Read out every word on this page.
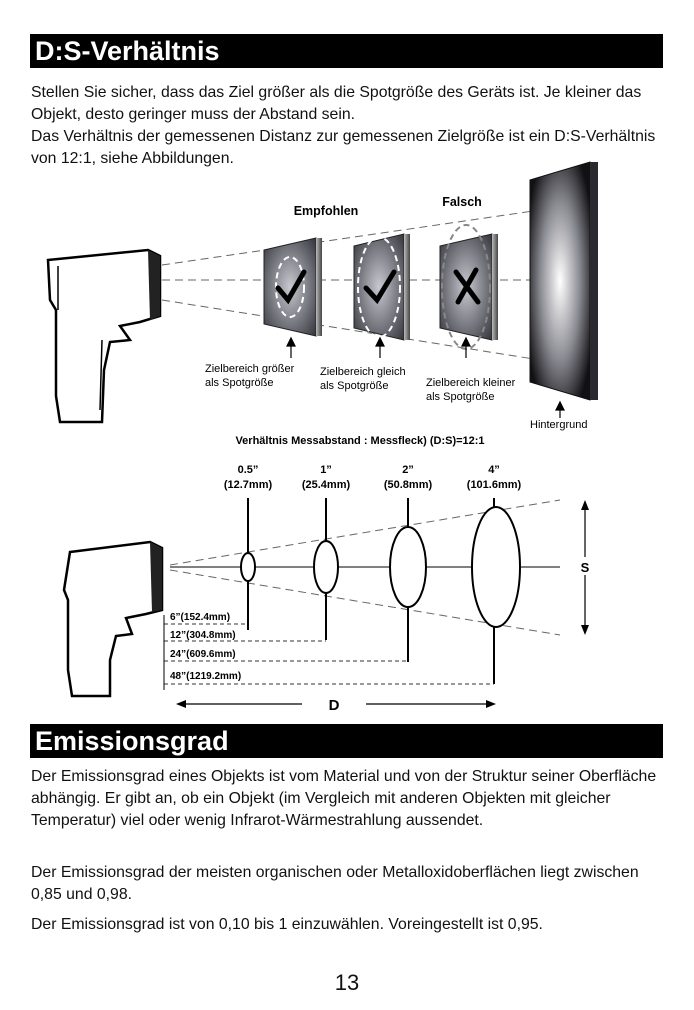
D:S-Verhältnis

Stellen Sie sicher, dass das Ziel größer als die Spotgröße des Geräts ist. Je kleiner das Objekt, desto geringer muss der Abstand sein.

Das Verhältnis der gemessenen Distanz zur gemessenen Zielgröße ist ein D:S-Verhältnis von 12:1, siehe Abbildungen.

Empfohlen
Falsch
Zielbereich größer
als Spotgröße
Zielbereich gleich
als Spotgröße	Zielbereich kleiner
als Spotgröße
Hintergrund
Verhältnis Messabstand : Messfleck) (D:S)=12:1
0.5”
(12.7mm)
1”
(25.4mm)
2”
(50.8mm)
4”
(101.6mm)
6”(152.4mm)
12”(304.8mm)
24”(609.6mm)
48”(1219.2mm)
S
D
Emissionsgrad

Der Emissionsgrad eines Objekts ist vom Material und von der Struktur seiner Oberfläche abhängig. Er gibt an, ob ein Objekt (im Vergleich mit anderen Objekten mit gleicher Temperatur) viel oder wenig Infrarot-Wärmestrahlung aussendet.

Der Emissionsgrad der meisten organischen oder Metalloxidoberflächen liegt zwischen 0,85 und 0,98.

Der Emissionsgrad ist von 0,10 bis 1 einzuwählen. Voreingestellt ist 0,95.

13
